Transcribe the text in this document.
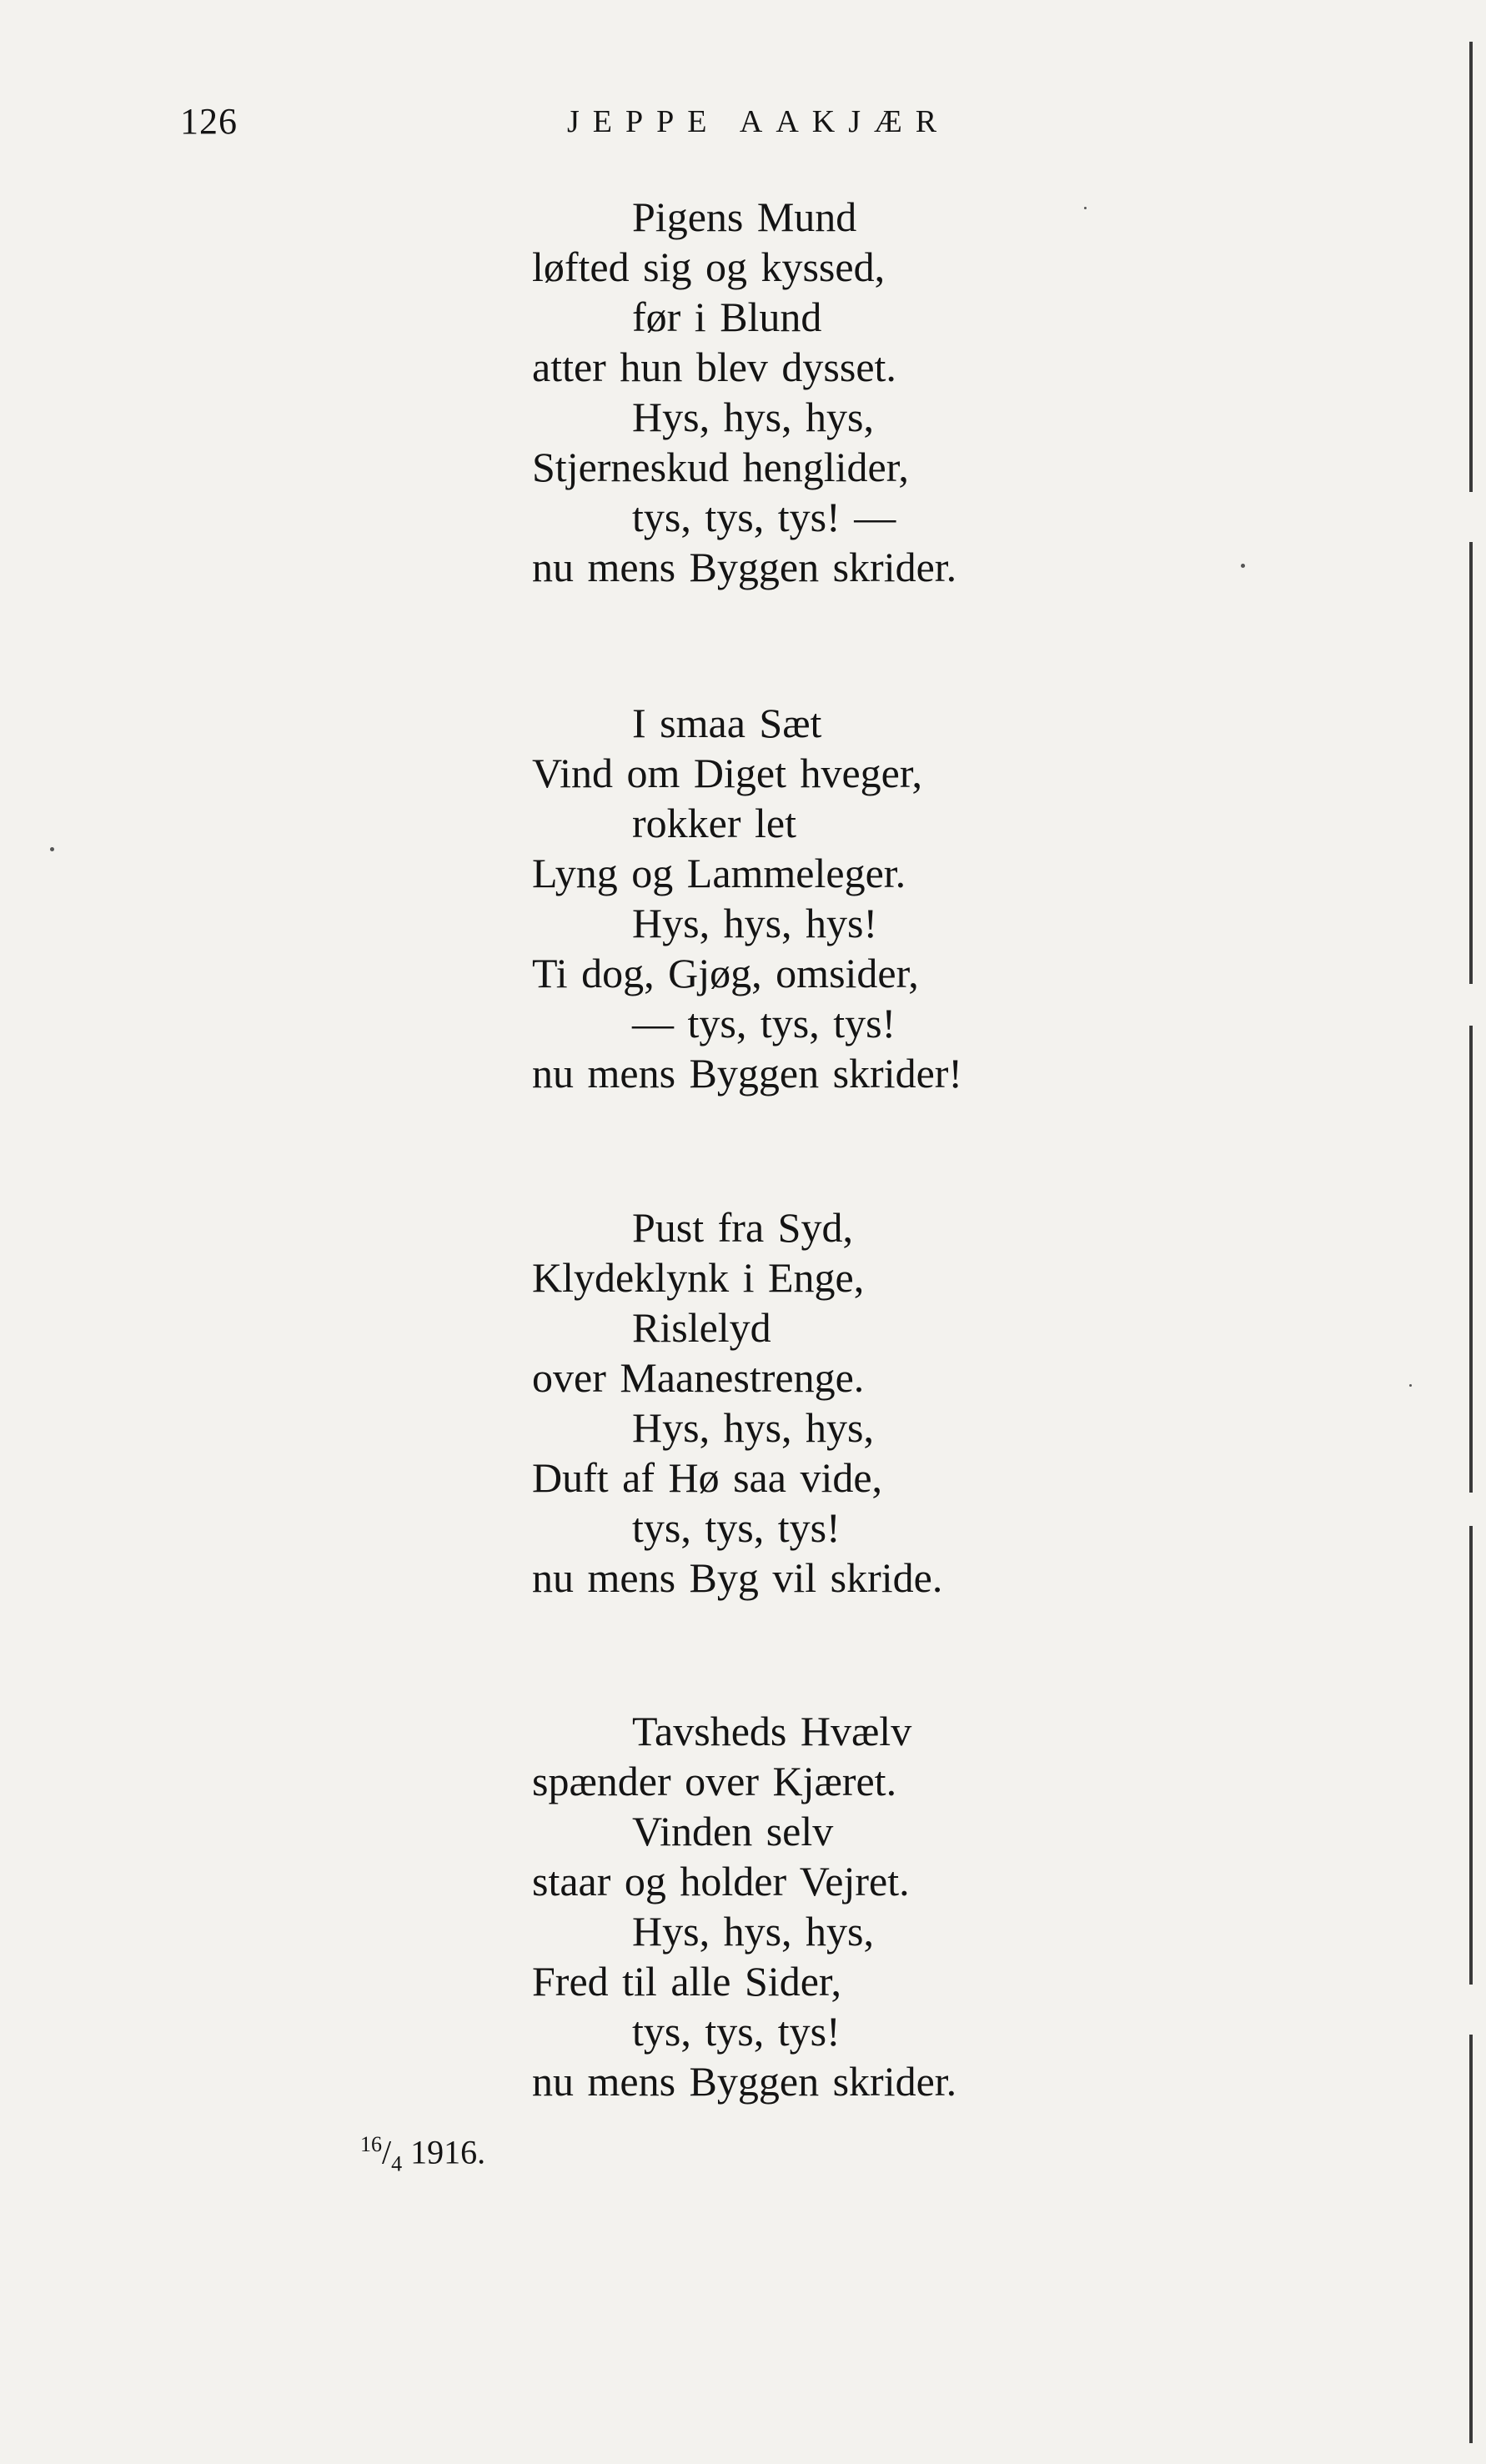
126	JEPPE AAKJÆR
Pigens Mund
løfted sig og kyssed,
før i Blund
atter hun blev dysset.
Hys, hys, hys,
Stjerneskud henglider,
tys, tys, tys! —
nu mens Byggen skrider.
I smaa Sæt
Vind om Diget hveger,
rokker let
Lyng og Lammeleger.
Hys, hys, hys!
Ti dog, Gjøg, omsider,
— tys, tys, tys!
nu mens Byggen skrider!
Pust fra Syd,
Klydeklynk i Enge,
Rislelyd
over Maanestrenge.
Hys, hys, hys,
Duft af Hø saa vide,
tys, tys, tys!
nu mens Byg vil skride.
Tavsheds Hvælv
spænder over Kjæret.
Vinden selv
staar og holder Vejret.
Hys, hys, hys,
Fred til alle Sider,
tys, tys, tys!
nu mens Byggen skrider.
$^{16}/_4$ 1916.
